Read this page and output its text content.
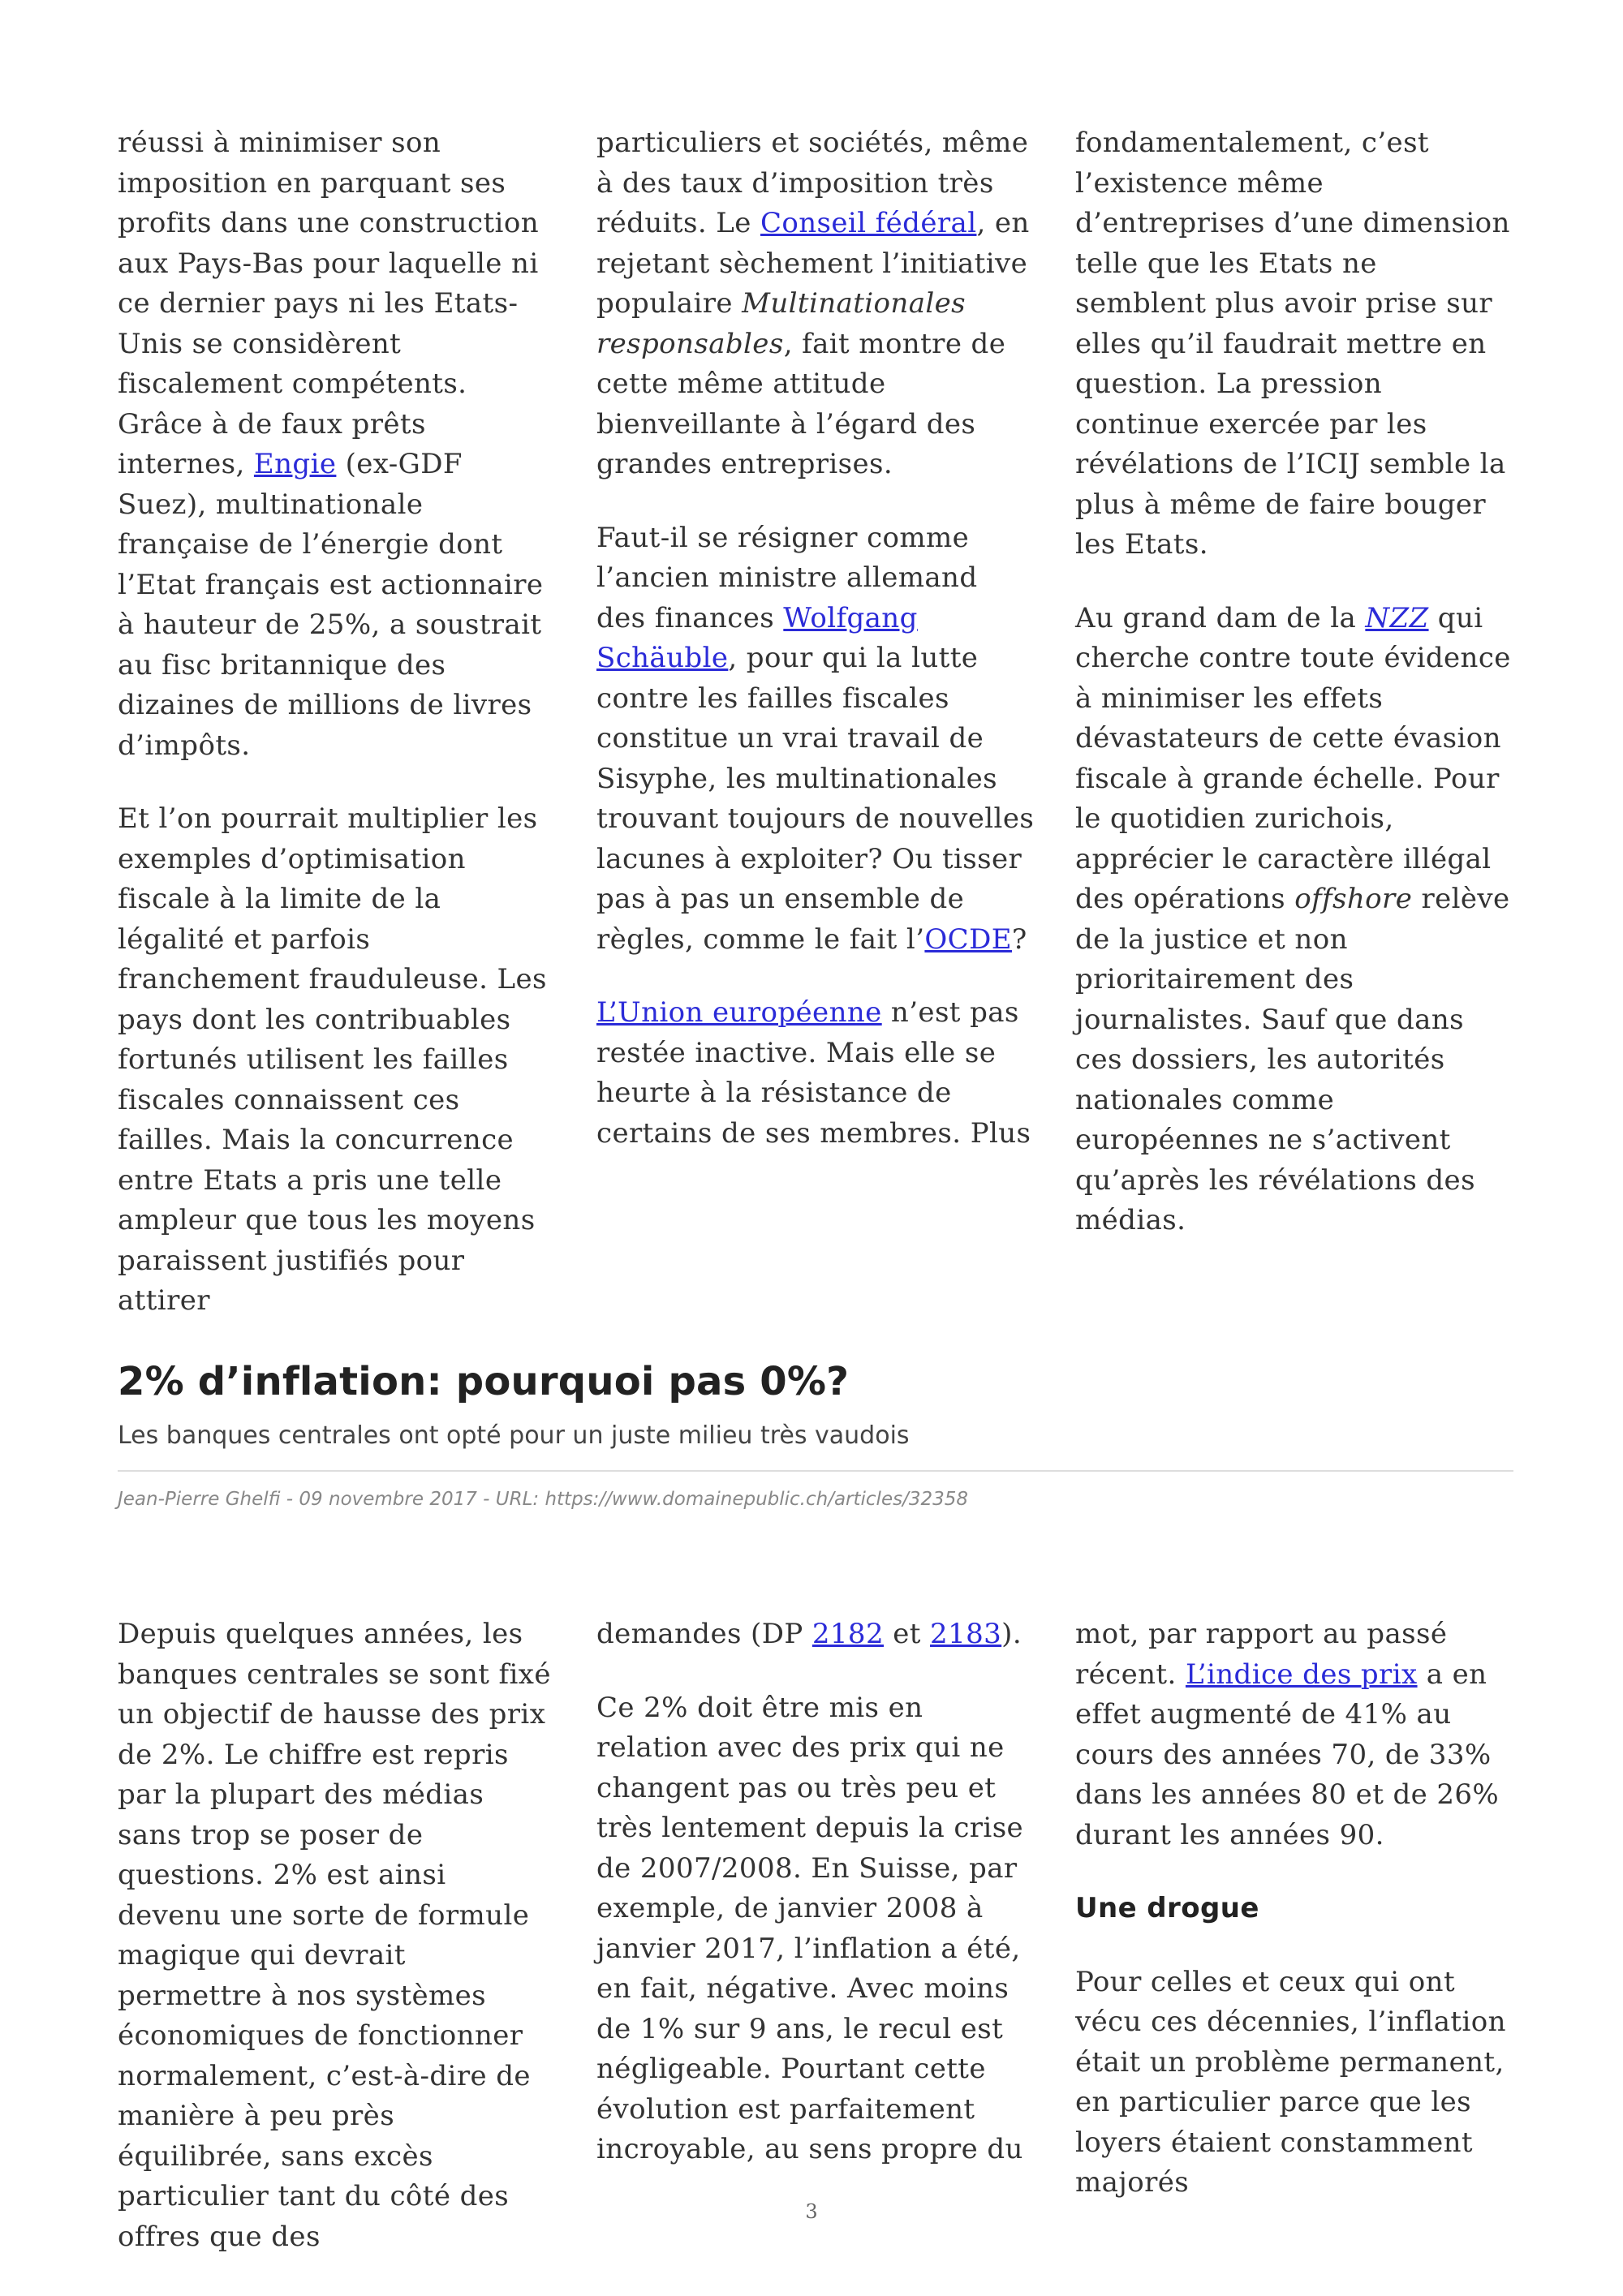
réussi à minimiser son imposition en parquant ses profits dans une construction aux Pays-Bas pour laquelle ni ce dernier pays ni les Etats-Unis se considèrent fiscalement compétents. Grâce à de faux prêts internes, Engie (ex-GDF Suez), multinationale française de l’énergie dont l’Etat français est actionnaire à hauteur de 25%, a soustrait au fisc britannique des dizaines de millions de livres d’impôts.

Et l’on pourrait multiplier les exemples d’optimisation fiscale à la limite de la légalité et parfois franchement frauduleuse. Les pays dont les contribuables fortunés utilisent les failles fiscales connaissent ces failles. Mais la concurrence entre Etats a pris une telle ampleur que tous les moyens paraissent justifiés pour attirer

particuliers et sociétés, même à des taux d’imposition très réduits. Le Conseil fédéral, en rejetant sèchement l’initiative populaire Multinationales responsables, fait montre de cette même attitude bienveillante à l’égard des grandes entreprises.

Faut-il se résigner comme l’ancien ministre allemand des finances Wolfgang Schäuble, pour qui la lutte contre les failles fiscales constitue un vrai travail de Sisyphe, les multinationales trouvant toujours de nouvelles lacunes à exploiter? Ou tisser pas à pas un ensemble de règles, comme le fait l’OCDE?

L’Union européenne n’est pas restée inactive. Mais elle se heurte à la résistance de certains de ses membres. Plus

fondamentalement, c’est l’existence même d’entreprises d’une dimension telle que les Etats ne semblent plus avoir prise sur elles qu’il faudrait mettre en question. La pression continue exercée par les révélations de l’ICIJ semble la plus à même de faire bouger les Etats.

Au grand dam de la NZZ qui cherche contre toute évidence à minimiser les effets dévastateurs de cette évasion fiscale à grande échelle. Pour le quotidien zurichois, apprécier le caractère illégal des opérations offshore relève de la justice et non prioritairement des journalistes. Sauf que dans ces dossiers, les autorités nationales comme européennes ne s’activent qu’après les révélations des médias.

2% d’inflation: pourquoi pas 0%?
Les banques centrales ont opté pour un juste milieu très vaudois
Jean-Pierre Ghelfi - 09 novembre 2017 - URL: https://www.domainepublic.ch/articles/32358

Depuis quelques années, les banques centrales se sont fixé un objectif de hausse des prix de 2%. Le chiffre est repris par la plupart des médias sans trop se poser de questions. 2% est ainsi devenu une sorte de formule magique qui devrait permettre à nos systèmes économiques de fonctionner normalement, c’est-à-dire de manière à peu près équilibrée, sans excès particulier tant du côté des offres que des

demandes (DP 2182 et 2183).

Ce 2% doit être mis en relation avec des prix qui ne changent pas ou très peu et très lentement depuis la crise de 2007/2008. En Suisse, par exemple, de janvier 2008 à janvier 2017, l’inflation a été, en fait, négative. Avec moins de 1% sur 9 ans, le recul est négligeable. Pourtant cette évolution est parfaitement incroyable, au sens propre du

mot, par rapport au passé récent. L’indice des prix a en effet augmenté de 41% au cours des années 70, de 33% dans les années 80 et de 26% durant les années 90.

Une drogue

Pour celles et ceux qui ont vécu ces décennies, l’inflation était un problème permanent, en particulier parce que les loyers étaient constamment majorés

3
